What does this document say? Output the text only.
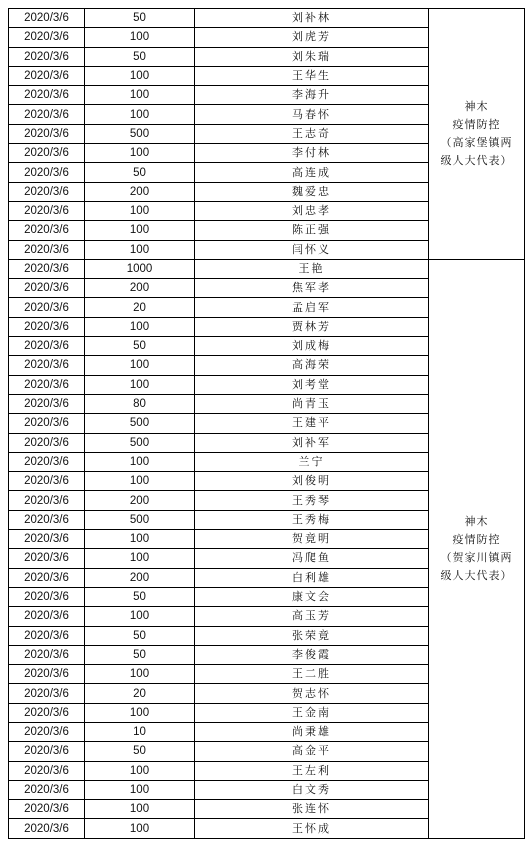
2020/3/6	50	刘补林	神木
疫情防控
（高家堡镇两
级人大代表）

2020/3/6	100	刘虎芳	
2020/3/6	50	刘朱瑞	
2020/3/6	100	王华生	
2020/3/6	100	李海升	
2020/3/6	100	马春怀	
2020/3/6	500	王志奇	
2020/3/6	100	李付林	
2020/3/6	50	高连成	
2020/3/6	200	魏爱忠	
2020/3/6	100	刘忠孝	
2020/3/6	100	陈正强	
2020/3/6	100	闫怀义	
2020/3/6	1000	王艳	神木
疫情防控
（贺家川镇两
级人大代表）

2020/3/6	200	焦军孝	
2020/3/6	20	孟启军	
2020/3/6	100	贾林芳	
2020/3/6	50	刘成梅	
2020/3/6	100	高海荣	
2020/3/6	100	刘考堂	
2020/3/6	80	尚青玉	
2020/3/6	500	王建平	
2020/3/6	500	刘补军	
2020/3/6	100	兰宁	
2020/3/6	100	刘俊明	
2020/3/6	200	王秀琴	
2020/3/6	500	王秀梅	
2020/3/6	100	贺竟明	
2020/3/6	100	冯爬鱼	
2020/3/6	200	白利雄	
2020/3/6	50	康文会	
2020/3/6	100	高玉芳	
2020/3/6	50	张荣竟	
2020/3/6	50	李俊霞	
2020/3/6	100	王二胜	
2020/3/6	20	贺志怀	
2020/3/6	100	王金南	
2020/3/6	10	尚秉雄	
2020/3/6	50	高金平	
2020/3/6	100	王左利	
2020/3/6	100	白文秀	
2020/3/6	100	张连怀	
2020/3/6	100	王怀成	
